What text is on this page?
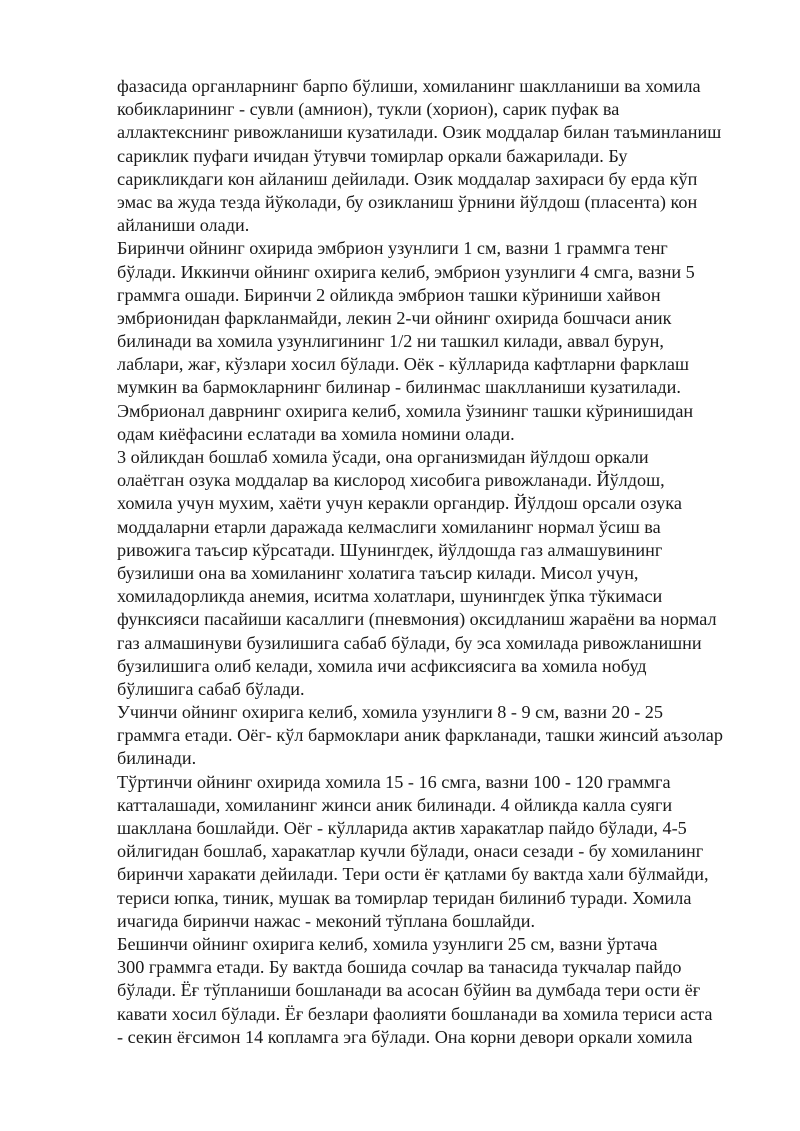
фазасида органларнинг барпо бўлиши, хомиланинг шаклланиши ва хомила
кобикларининг - сувли (амнион), тукли (хорион), сарик пуфак ва
аллактекснинг ривожланиши кузатилади. Озик моддалар билан таъминланиш
сариклик пуфаги ичидан ўтувчи томирлар оркали бажарилади. Бу
сарикликдаги кон айланиш дейилади. Озик моддалар захираси бу ерда кўп
эмас ва жуда тезда йўколади, бу озикланиш ўрнини йўлдош (пласента) кон
айланиши олади.
Биринчи ойнинг охирида эмбрион узунлиги 1 см, вазни 1 граммга тенг
бўлади. Иккинчи ойнинг охирига келиб, эмбрион узунлиги 4 смга, вазни 5
граммга ошади. Биринчи 2 ойликда эмбрион ташки кўриниши хайвон
эмбрионидан фаркланмайди, лекин 2-чи ойнинг охирида бошчаси аник
билинади ва хомила узунлигининг 1/2 ни ташкил килади, аввал бурун,
лаблари, жағ, кўзлари хосил бўлади. Оёк - кўлларида кафтларни фарклаш
мумкин ва бармокларнинг билинар - билинмас шаклланиши кузатилади.
Эмбрионал даврнинг охирига келиб, хомила ўзининг ташки кўринишидан
одам киёфасини еслатади ва хомила номини олади.
3 ойликдан бошлаб хомила ўсади, она организмидан йўлдош оркали
олаётган озука моддалар ва кислород хисобига ривожланади. Йўлдош,
хомила учун мухим, хаёти учун керакли органдир. Йўлдош орсали озука
моддаларни етарли даражада келмаслиги хомиланинг нормал ўсиш ва
ривожига таъсир кўрсатади. Шунингдек, йўлдошда газ алмашувининг
бузилиши она ва хомиланинг холатига таъсир килади. Мисол учун,
хомиладорликда анемия, иситма холатлари, шунингдек ўпка тўкимаси
функсияси пасайиши касаллиги (пневмония) оксидланиш жараёни ва нормал
газ алмашинуви бузилишига сабаб бўлади, бу эса хомилада ривожланишни
бузилишига олиб келади, хомила ичи асфиксиясига ва хомила нобуд
бўлишига сабаб бўлади.
Учинчи ойнинг охирига келиб, хомила узунлиги 8 - 9 см, вазни 20 - 25
граммга етади. Оёг- кўл бармоклари аник фаркланади, ташки жинсий аъзолар
билинади.
Тўртинчи ойнинг охирида хомила 15 - 16 смга, вазни 100 - 120 граммга
катталашади, хомиланинг жинси аник билинади. 4 ойликда калла суяги
шакллана бошлайди. Оёг - кўлларида актив харакатлар пайдо бўлади, 4-5
ойлигидан бошлаб, харакатлар кучли бўлади, онаси сезади - бу хомиланинг
биринчи харакати дейилади. Тери ости ёғ қатлами бу вактда хали бўлмайди,
териси юпка, тиник, мушак ва томирлар теридан билиниб туради. Хомила
ичагида биринчи нажас - меконий тўплана бошлайди.
Бешинчи ойнинг охирига келиб, хомила узунлиги 25 см, вазни ўртача
300 граммга етади. Бу вактда бошида сочлар ва танасида тукчалар пайдо
бўлади. Ёғ тўпланиши бошланади ва асосан бўйин ва думбада тери ости ёғ
кавати хосил бўлади. Ёғ безлари фаолияти бошланади ва хомила териси аста
- секин ёғсимон 14 копламга эга бўлади. Она корни девори оркали хомила
